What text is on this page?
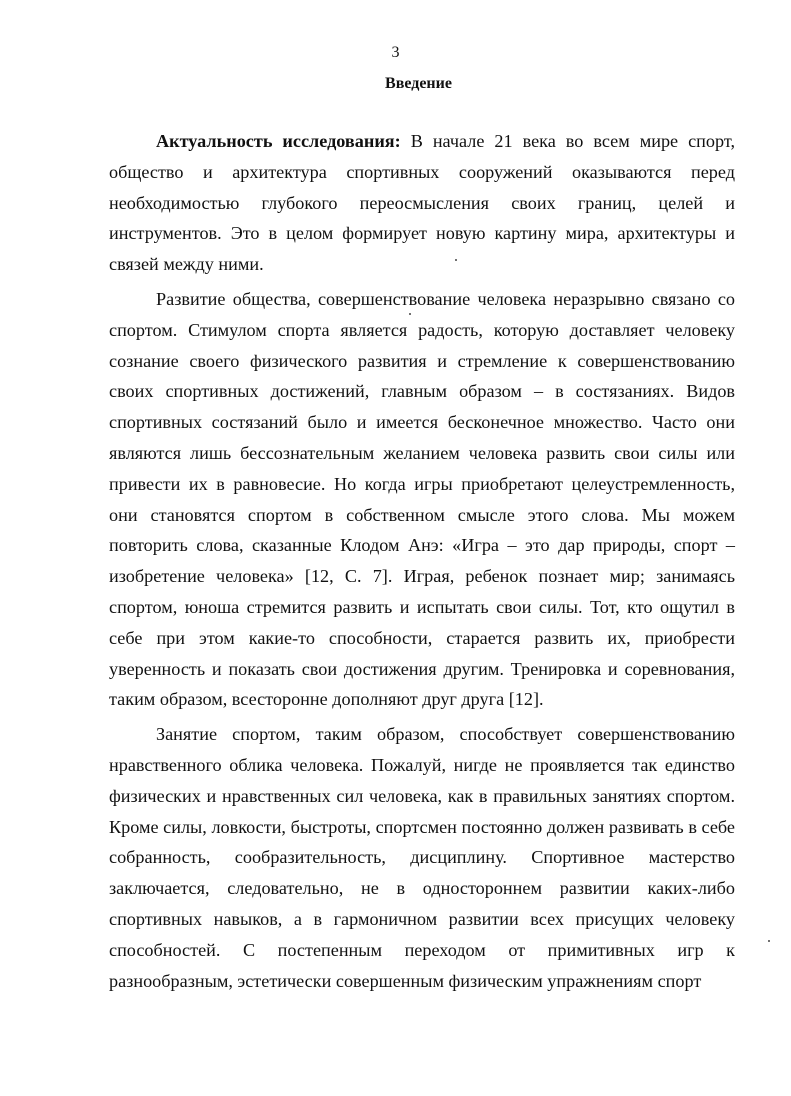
3
Введение

Актуальность исследования: В начале 21 века во всем мире спорт, общество и архитектура спортивных сооружений оказываются перед необходимостью глубокого переосмысления своих границ, целей и инструментов. Это в целом формирует новую картину мира, архитектуры и связей между ними.

Развитие общества, совершенствование человека неразрывно связано со спортом. Стимулом спорта является радость, которую доставляет человеку сознание своего физического развития и стремление к совершенствованию своих спортивных достижений, главным образом – в состязаниях. Видов спортивных состязаний было и имеется бесконечное множество. Часто они являются лишь бессознательным желанием человека развить свои силы или привести их в равновесие. Но когда игры приобретают целеустремленность, они становятся спортом в собственном смысле этого слова. Мы можем повторить слова, сказанные Клодом Анэ: «Игра – это дар природы, спорт – изобретение человека» [12, С. 7]. Играя, ребенок познает мир; занимаясь спортом, юноша стремится развить и испытать свои силы. Тот, кто ощутил в себе при этом какие-то способности, старается развить их, приобрести уверенность и показать свои достижения другим. Тренировка и соревнования, таким образом, всесторонне дополняют друг друга [12].

Занятие спортом, таким образом, способствует совершенствованию нравственного облика человека. Пожалуй, нигде не проявляется так единство физических и нравственных сил человека, как в правильных занятиях спортом. Кроме силы, ловкости, быстроты, спортсмен постоянно должен развивать в себе собранность, сообразительность, дисциплину. Спортивное мастерство заключается, следовательно, не в одностороннем развитии каких-либо спортивных навыков, а в гармоничном развитии всех присущих человеку способностей. С постепенным переходом от примитивных игр к разнообразным, эстетически совершенным физическим упражнениям спорт
